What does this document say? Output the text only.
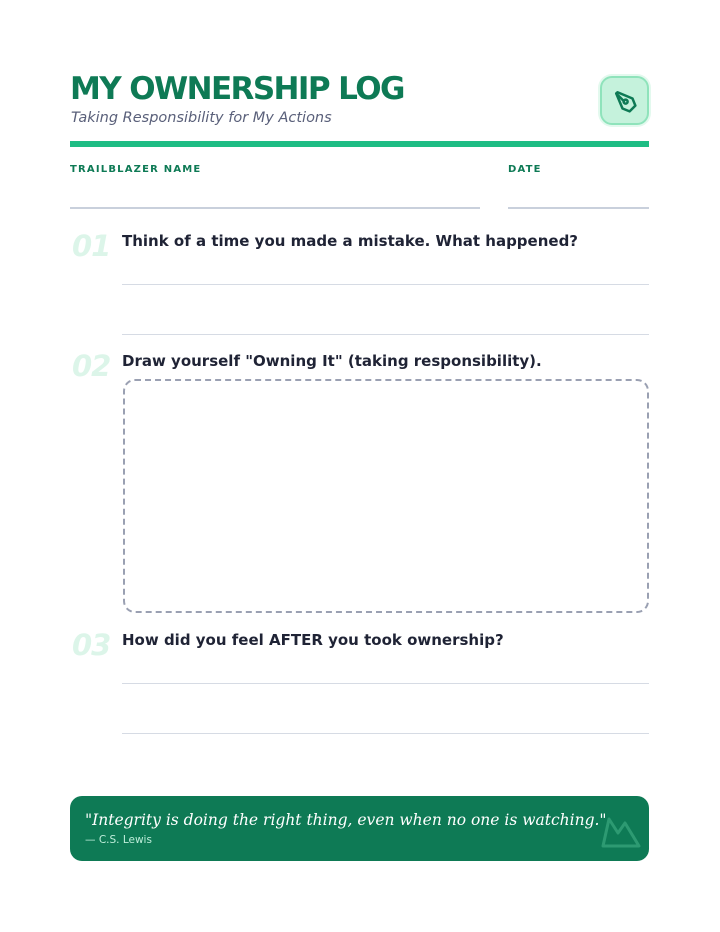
MY OWNERSHIP LOG
Taking Responsibility for My Actions
TRAILBLAZER NAME	DATE
01 Think of a time you made a mistake. What happened?
02 Draw yourself "Owning It" (taking responsibility).
03 How did you feel AFTER you took ownership?
"Integrity is doing the right thing, even when no one is watching."
— C.S. Lewis
